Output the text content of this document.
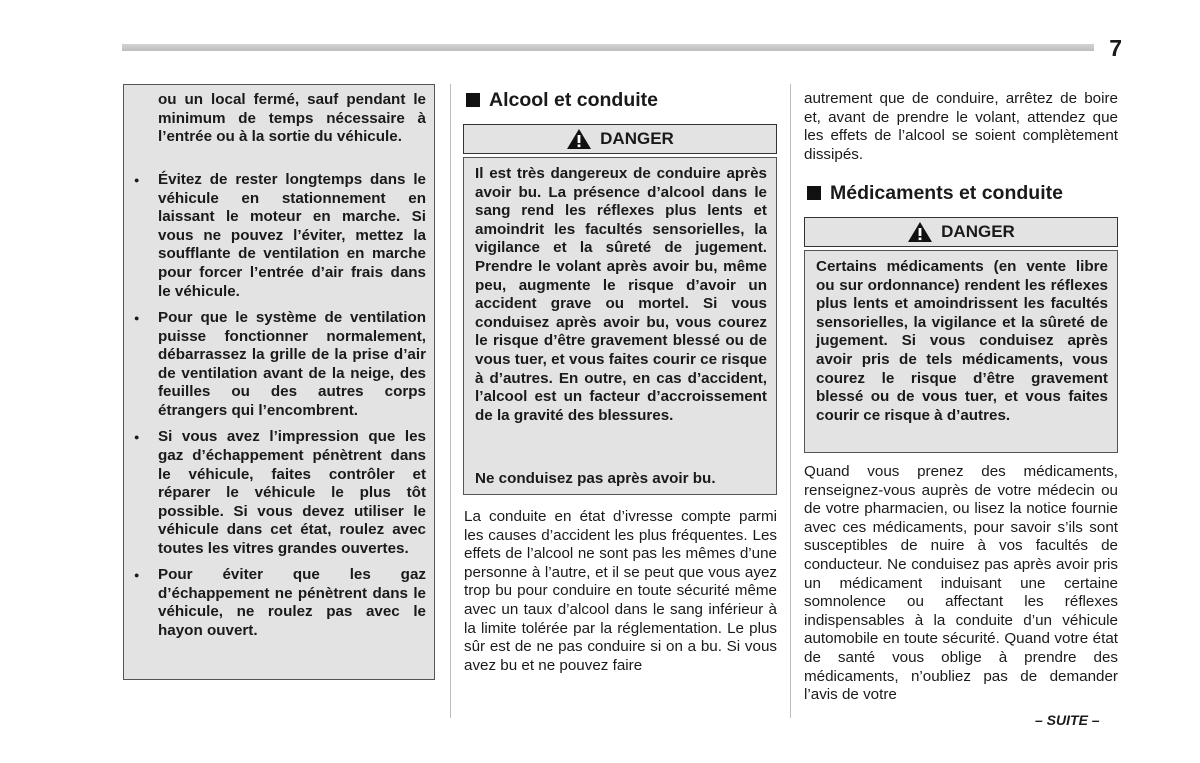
7

ou un local fermé, sauf pendant le minimum de temps nécessaire à l’entrée ou à la sortie du véhicule.

● Évitez de rester longtemps dans le véhicule en stationnement en laissant le moteur en marche. Si vous ne pouvez l’éviter, mettez la soufflante de ventilation en marche pour forcer l’entrée d’air frais dans le véhicule.
● Pour que le système de ventilation puisse fonctionner normalement, débarrassez la grille de la prise d’air de ventilation avant de la neige, des feuilles ou des autres corps étrangers qui l’encombrent.
● Si vous avez l’impression que les gaz d’échappement pénètrent dans le véhicule, faites contrôler et réparer le véhicule le plus tôt possible. Si vous devez utiliser le véhicule dans cet état, roulez avec toutes les vitres grandes ouvertes.
● Pour éviter que les gaz d’échappement ne pénètrent dans le véhicule, ne roulez pas avec le hayon ouvert.
Alcool et conduite
DANGER

Il est très dangereux de conduire après avoir bu. La présence d’alcool dans le sang rend les réflexes plus lents et amoindrit les facultés sensorielles, la vigilance et la sûreté de jugement. Prendre le volant après avoir bu, même peu, augmente le risque d’avoir un accident grave ou mortel. Si vous conduisez après avoir bu, vous courez le risque d’être gravement blessé ou de vous tuer, et vous faites courir ce risque à d’autres. En outre, en cas d’accident, l’alcool est un facteur d’accroissement de la gravité des blessures.

Ne conduisez pas après avoir bu.

La conduite en état d’ivresse compte parmi les causes d’accident les plus fréquentes. Les effets de l’alcool ne sont pas les mêmes d’une personne à l’autre, et il se peut que vous ayez trop bu pour conduire en toute sécurité même avec un taux d’alcool dans le sang inférieur à la limite tolérée par la réglementation. Le plus sûr est de ne pas conduire si on a bu. Si vous avez bu et ne pouvez faire

autrement que de conduire, arrêtez de boire et, avant de prendre le volant, attendez que les effets de l’alcool se soient complètement dissipés.

Médicaments et conduite
DANGER

Certains médicaments (en vente libre ou sur ordonnance) rendent les réflexes plus lents et amoindrissent les facultés sensorielles, la vigilance et la sûreté de jugement. Si vous conduisez après avoir pris de tels médicaments, vous courez le risque d’être gravement blessé ou de vous tuer, et vous faites courir ce risque à d’autres.

Quand vous prenez des médicaments, renseignez-vous auprès de votre médecin ou de votre pharmacien, ou lisez la notice fournie avec ces médicaments, pour savoir s’ils sont susceptibles de nuire à vos facultés de conducteur. Ne conduisez pas après avoir pris un médicament induisant une certaine somnolence ou affectant les réflexes indispensables à la conduite d’un véhicule automobile en toute sécurité. Quand votre état de santé vous oblige à prendre des médicaments, n’oubliez pas de demander l’avis de votre

– SUITE –
